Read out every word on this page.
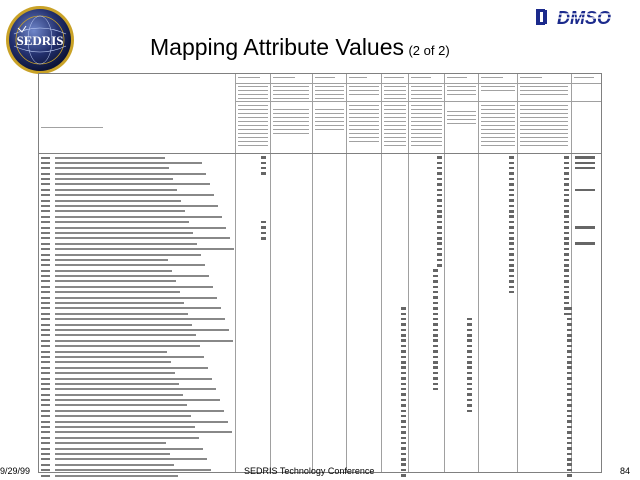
SEDRIS
DMSO
Mapping Attribute Values (2 of 2)
9/29/99	SEDRIS Technology Conference	84
